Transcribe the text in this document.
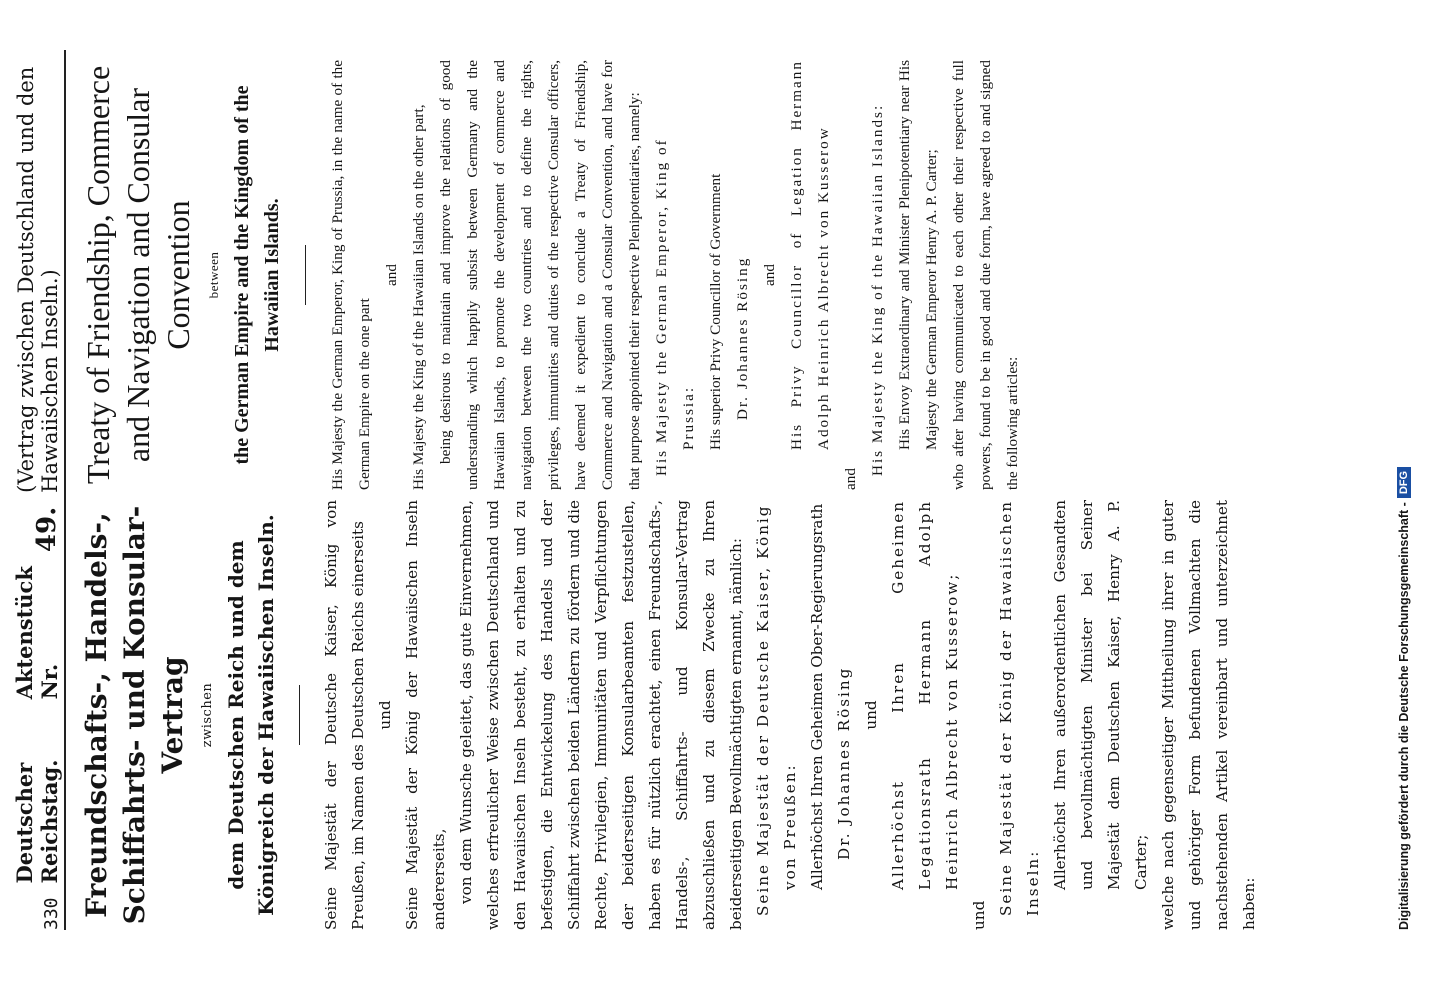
330
Deutscher Reichstag.
Aktenstück Nr.
49.
(Vertrag zwischen Deutschland und den Hawaiischen Inseln.)
Freundschafts-, Handels-, Schiffahrts- und Konsular-Vertrag zwischen dem Deutschen Reich und dem Königreich der Hawaiischen Inseln.	Seine Majestät der Deutsche Kaiser, König von Preußen, im Namen des Deutschen Reichs einerseits und Seine Majestät der König der Hawaiischen Inseln andererseits, von dem Wunsche geleitet, das gute Einvernehmen, welches erfreulicher Weise zwischen Deutschland und den Hawaiischen Inseln besteht, zu erhalten und zu befestigen, die Entwickelung des Handels und der Schiffahrt zwischen beiden Ländern zu fördern und die Rechte, Privilegien, Immunitäten und Verpflichtungen der beiderseitigen Konsularbeamten festzustellen, haben es für nützlich erachtet, einen Freundschafts-, Handels-, Schiffahrts- und Konsular-Vertrag abzuschließen und zu diesem Zwecke zu Ihren beiderseitigen Bevollmächtigten ernannt, nämlich: Seine Majestät der Deutsche Kaiser, König von Preußen: Allerhöchst Ihren Geheimen Ober-Regierungsrath Dr. Johannes Rösing und Allerhöchst Ihren Geheimen Legationsrath Hermann Adolph Heinrich Albrecht von Kusserow;

und Seine Majestät der König der Hawaiischen Inseln: Allerhöchst Ihren außerordentlichen Gesandten und bevollmächtigten Minister bei Seiner Majestät dem Deutschen Kaiser, Henry A. P. Carter; welche nach gegenseitiger Mittheilung ihrer in guter und gehöriger Form befundenen Vollmachten die nachstehenden Artikel vereinbart und unterzeichnet haben:

Treaty of Friendship, Commerce and Navigation and Consular Convention between the German Empire and the Kingdom of the Hawaiian Islands.	His Majesty the German Emperor, King of Prussia, in the name of the German Empire on the one part

and His Majesty the King of the Hawaiian Islands on the other part, being desirous to maintain and improve the relations of good understanding which happily subsist between Germany and the Hawaiian Islands, to promote the development of commerce and navigation between the two countries and to define the rights, privileges, immunities and duties of the respective Consular officers, have deemed it expedient to conclude a Treaty of Friendship, Commerce and Navigation and a Consular Convention, and have for that purpose appointed their respective Plenipotentiaries, namely: His Majesty the German Emperor, King of Prussia: His superior Privy Councillor of Government Dr. Johannes Rösing and His Privy Councillor of Legation Hermann Adolph Heinrich Albrecht von Kusserow

and

His Majesty the King of the Hawaiian Islands: His Envoy Extraordinary and Minister Plenipotentiary near His Majesty the German Emperor Henry A. P. Carter; who after having communicated to each other their respective full powers, found to be in good and due form, have agreed to and signed the following articles:

Digitalisierung gefördert durch die Deutsche Forschungsgemeinschaft -
DFG
